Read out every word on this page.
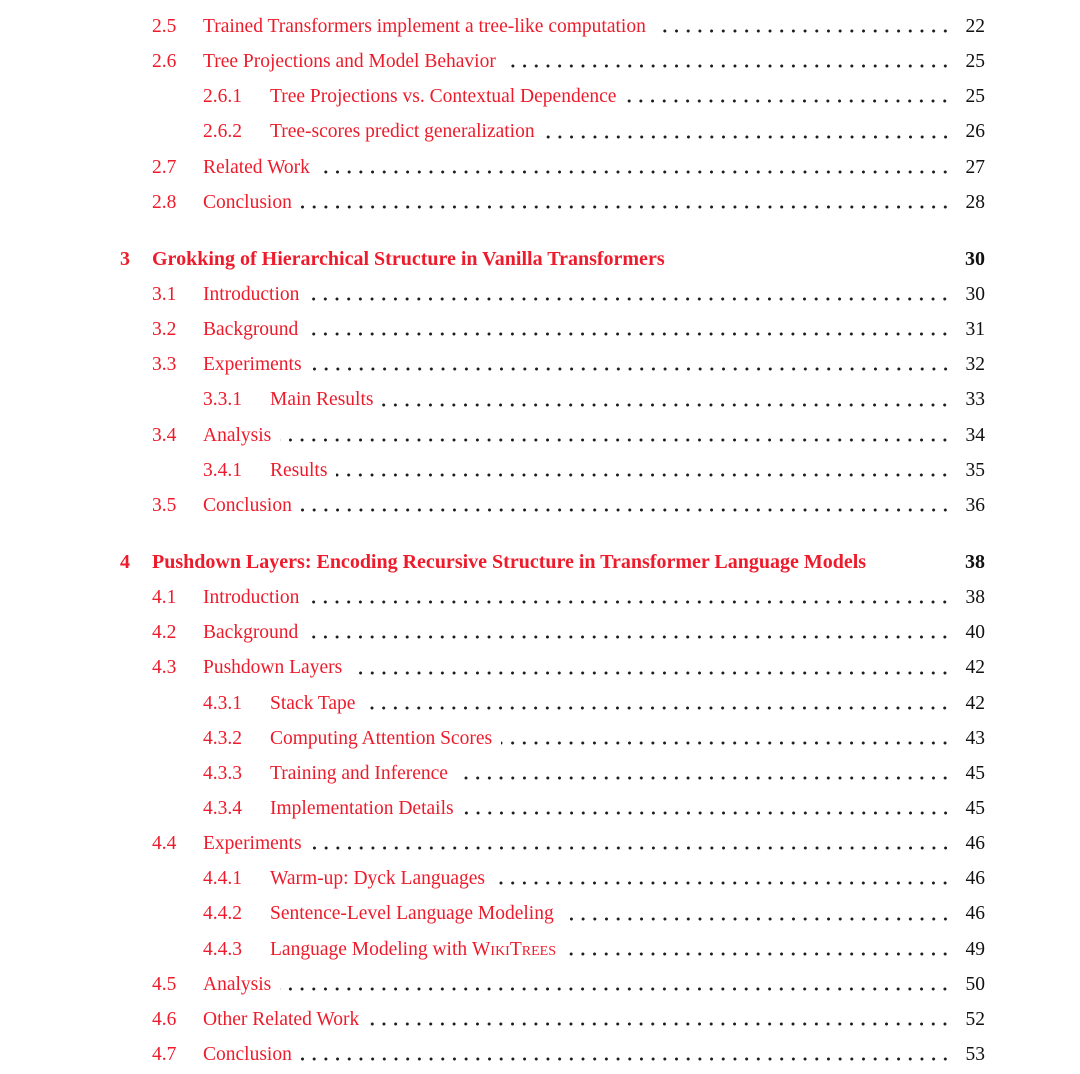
2.5	Trained Transformers implement a tree-like computation	22
2.6	Tree Projections and Model Behavior	25
2.6.1	Tree Projections vs. Contextual Dependence	25
2.6.2	Tree-scores predict generalization	26
2.7	Related Work	27
2.8	Conclusion	28
3	Grokking of Hierarchical Structure in Vanilla Transformers	30
3.1	Introduction	30
3.2	Background	31
3.3	Experiments	32
3.3.1	Main Results	33
3.4	Analysis	34
3.4.1	Results	35
3.5	Conclusion	36
4	Pushdown Layers: Encoding Recursive Structure in Transformer Language Models	38
4.1	Introduction	38
4.2	Background	40
4.3	Pushdown Layers	42
4.3.1	Stack Tape	42
4.3.2	Computing Attention Scores	43
4.3.3	Training and Inference	45
4.3.4	Implementation Details	45
4.4	Experiments	46
4.4.1	Warm-up: Dyck Languages	46
4.4.2	Sentence-Level Language Modeling	46
4.4.3	Language Modeling with WikiTrees	49
4.5	Analysis	50
4.6	Other Related Work	52
4.7	Conclusion	53
